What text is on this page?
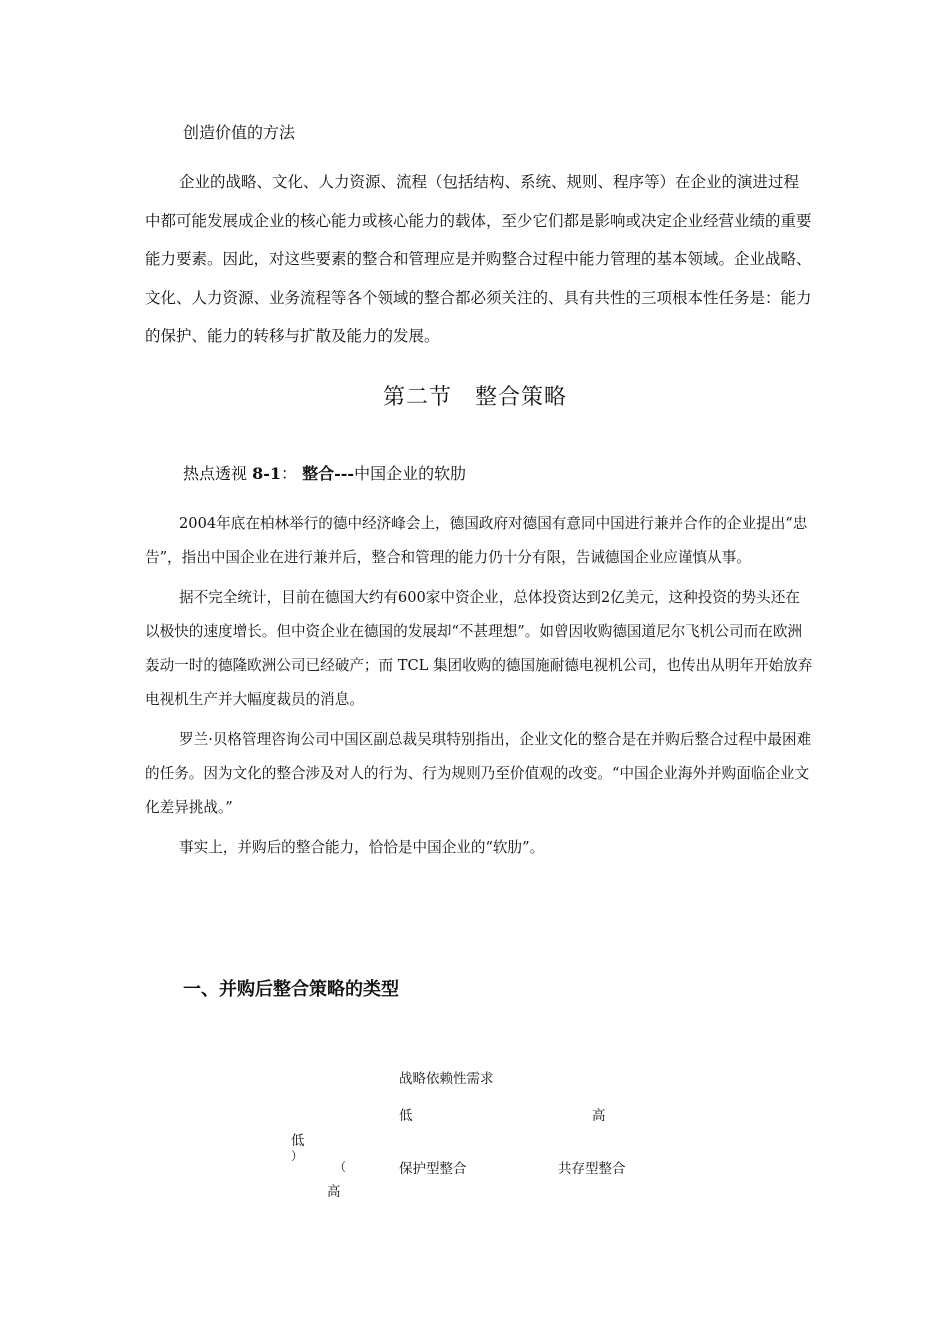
创造价值的方法
企业的战略、文化、人力资源、流程（包括结构、系统、规则、程序等）在企业的演进过程中都可能发展成企业的核心能力或核心能力的载体，至少它们都是影响或决定企业经营业绩的重要能力要素。因此，对这些要素的整合和管理应是并购整合过程中能力管理的基本领域。企业战略、文化、人力资源、业务流程等各个领域的整合都必须关注的、具有共性的三项根本性任务是：能力的保护、能力的转移与扩散及能力的发展。
第二节　整合策略
热点透视 8-1： 整合---中国企业的软肋

2004年底在柏林举行的德中经济峰会上，德国政府对德国有意同中国进行兼并合作的企业提出“忠告”，指出中国企业在进行兼并后，整合和管理的能力仍十分有限，告诫德国企业应谨慎从事。

据不完全统计，目前在德国大约有600家中资企业，总体投资达到2亿美元，这种投资的势头还在以极快的速度增长。但中资企业在德国的发展却“不甚理想”。如曾因收购德国道尼尔飞机公司而在欧洲轰动一时的德隆欧洲公司已经破产；而 TCL 集团收购的德国施耐德电视机公司，也传出从明年开始放弃电视机生产并大幅度裁员的消息。

罗兰·贝格管理咨询公司中国区副总裁吴琪特别指出，企业文化的整合是在并购后整合过程中最困难的任务。因为文化的整合涉及对人的行为、行为规则乃至价值观的改变。“中国企业海外并购面临企业文化差异挑战。”

事实上，并购后的整合能力，恰恰是中国企业的“软肋”。

一、并购后整合策略的类型
战略依赖性需求
低	高
低
）
（	保护型整合	共存型整合
高
